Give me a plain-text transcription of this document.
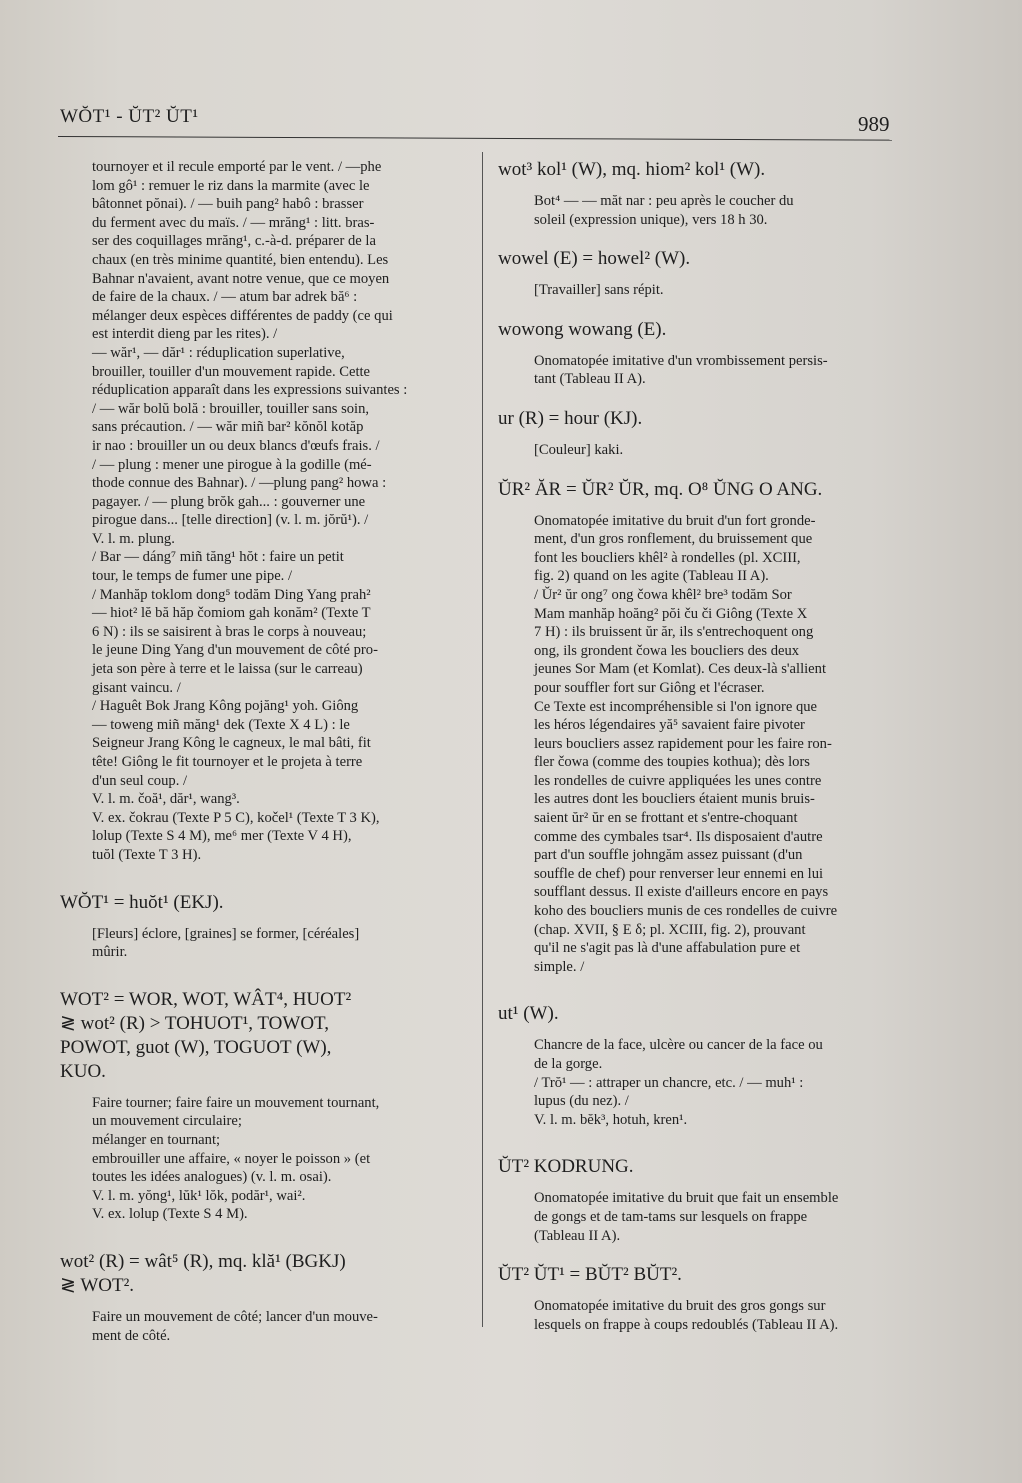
WŎT¹ - ŬT² ŬT¹	989

tournoyer et il recule emporté par le vent. / —phe

lom gô¹ : remuer le riz dans la marmite (avec le

bâtonnet pŏnai). / — buih pang² habô : brasser

du ferment avec du maïs. / — mrăng¹ : litt. bras-

ser des coquillages mrăng¹, c.-à-d. préparer de la

chaux (en très minime quantité, bien entendu). Les

Bahnar n'avaient, avant notre venue, que ce moyen

de faire de la chaux. / — atum bar adrek bă⁶ :

mélanger deux espèces différentes de paddy (ce qui

est interdit dieng par les rites). /

— wăr¹, — dăr¹ : réduplication superlative,

brouiller, touiller d'un mouvement rapide. Cette

réduplication apparaît dans les expressions suivantes :

/ — wăr bolŭ bolă : brouiller, touiller sans soin,

sans précaution. / — wăr miñ bar² kŏnŏl kotăp

ir nao : brouiller un ou deux blancs d'œufs frais. /

/ — plung : mener une pirogue à la godille (mé-

thode connue des Bahnar). / —plung pang² howa :

pagayer. / — plung brŏk gah... : gouverner une

pirogue dans... [telle direction] (v. l. m. jŏrŭ¹). /

V. l. m. plung.

/ Bar — dáng⁷ miñ tăng¹ hŏt : faire un petit

tour, le temps de fumer une pipe. /

/ Manhăp toklom dong⁵ todăm Ding Yang prah²

— hiot² lĕ bă hăp čomiom gah konăm² (Texte T

6 N) : ils se saisirent à bras le corps à nouveau;

le jeune Ding Yang d'un mouvement de côté pro-

jeta son père à terre et le laissa (sur le carreau)

gisant vaincu. /

/ Haguêt Bok Jrang Kông pojăng¹ yoh. Giông

— toweng miñ măng¹ dek (Texte X 4 L) : le

Seigneur Jrang Kông le cagneux, le mal bâti, fit

tête! Giông le fit tournoyer et le projeta à terre

d'un seul coup. /

V. l. m. čoă¹, dăr¹, wang³.

V. ex. čokrau (Texte P 5 C), kočel¹ (Texte T 3 K),

lolup (Texte S 4 M), me⁶ mer (Texte V 4 H),

tuŏl (Texte T 3 H).

WŎT¹ = huŏt¹ (EKJ).

[Fleurs] éclore, [graines] se former, [céréales]

mûrir.

WOT² = WOR, WOT, WÂT⁴, HUOT²

≷ wot² (R) > TOHUOT¹, TOWOT,

POWOT, guot (W), TOGUOT (W),

KUO.

Faire tourner; faire faire un mouvement tournant,

un mouvement circulaire;

mélanger en tournant;

embrouiller une affaire, « noyer le poisson » (et

toutes les idées analogues) (v. l. m. osai).

V. l. m. yŏng¹, lŭk¹ lŏk, podăr¹, wai².

V. ex. lolup (Texte S 4 M).

wot² (R) = wât⁵ (R), mq. klă¹ (BGKJ)

≷ WOT².

Faire un mouvement de côté; lancer d'un mouve-

ment de côté.

wot³ kol¹ (W), mq. hiom² kol¹ (W).

Bot⁴ — — măt nar : peu après le coucher du

soleil (expression unique), vers 18 h 30.

wowel (E) = howel² (W).

[Travailler] sans répit.

wowong wowang (E).

Onomatopée imitative d'un vrombissement persis-

tant (Tableau II A).

ur (R) = hour (KJ).

[Couleur] kaki.

ŬR² ĂR = ŬR² ŬR, mq. O⁸ ŬNG O ANG.

Onomatopée imitative du bruit d'un fort gronde-

ment, d'un gros ronflement, du bruissement que

font les boucliers khêl² à rondelles (pl. XCIII,

fig. 2) quand on les agite (Tableau II A).

/ Ŭr² ŭr ong⁷ ong čowa khêl² bre³ todăm Sor

Mam manhăp hoăng² pŏi ču či Giông (Texte X

7 H) : ils bruissent ŭr ăr, ils s'entrechoquent ong

ong, ils grondent čowa les boucliers des deux

jeunes Sor Mam (et Komlat). Ces deux-là s'allient

pour souffler fort sur Giông et l'écraser.

Ce Texte est incompréhensible si l'on ignore que

les héros légendaires yă⁵ savaient faire pivoter

leurs boucliers assez rapidement pour les faire ron-

fler čowa (comme des toupies kothua); dès lors

les rondelles de cuivre appliquées les unes contre

les autres dont les boucliers étaient munis bruis-

saient ŭr² ŭr en se frottant et s'entre-choquant

comme des cymbales tsar⁴. Ils disposaient d'autre

part d'un souffle johngăm assez puissant (d'un

souffle de chef) pour renverser leur ennemi en lui

soufflant dessus. Il existe d'ailleurs encore en pays

koho des boucliers munis de ces rondelles de cuivre

(chap. XVII, § E δ; pl. XCIII, fig. 2), prouvant

qu'il ne s'agit pas là d'une affabulation pure et

simple. /

ut¹ (W).

Chancre de la face, ulcère ou cancer de la face ou

de la gorge.

/ Trŏ¹ — : attraper un chancre, etc. / — muh¹ :

lupus (du nez). /

V. l. m. bĕk³, hotuh, kren¹.

ŬT² KODRUNG.

Onomatopée imitative du bruit que fait un ensemble

de gongs et de tam-tams sur lesquels on frappe

(Tableau II A).

ŬT² ŬT¹ = BŬT² BŬT².

Onomatopée imitative du bruit des gros gongs sur

lesquels on frappe à coups redoublés (Tableau II A).
